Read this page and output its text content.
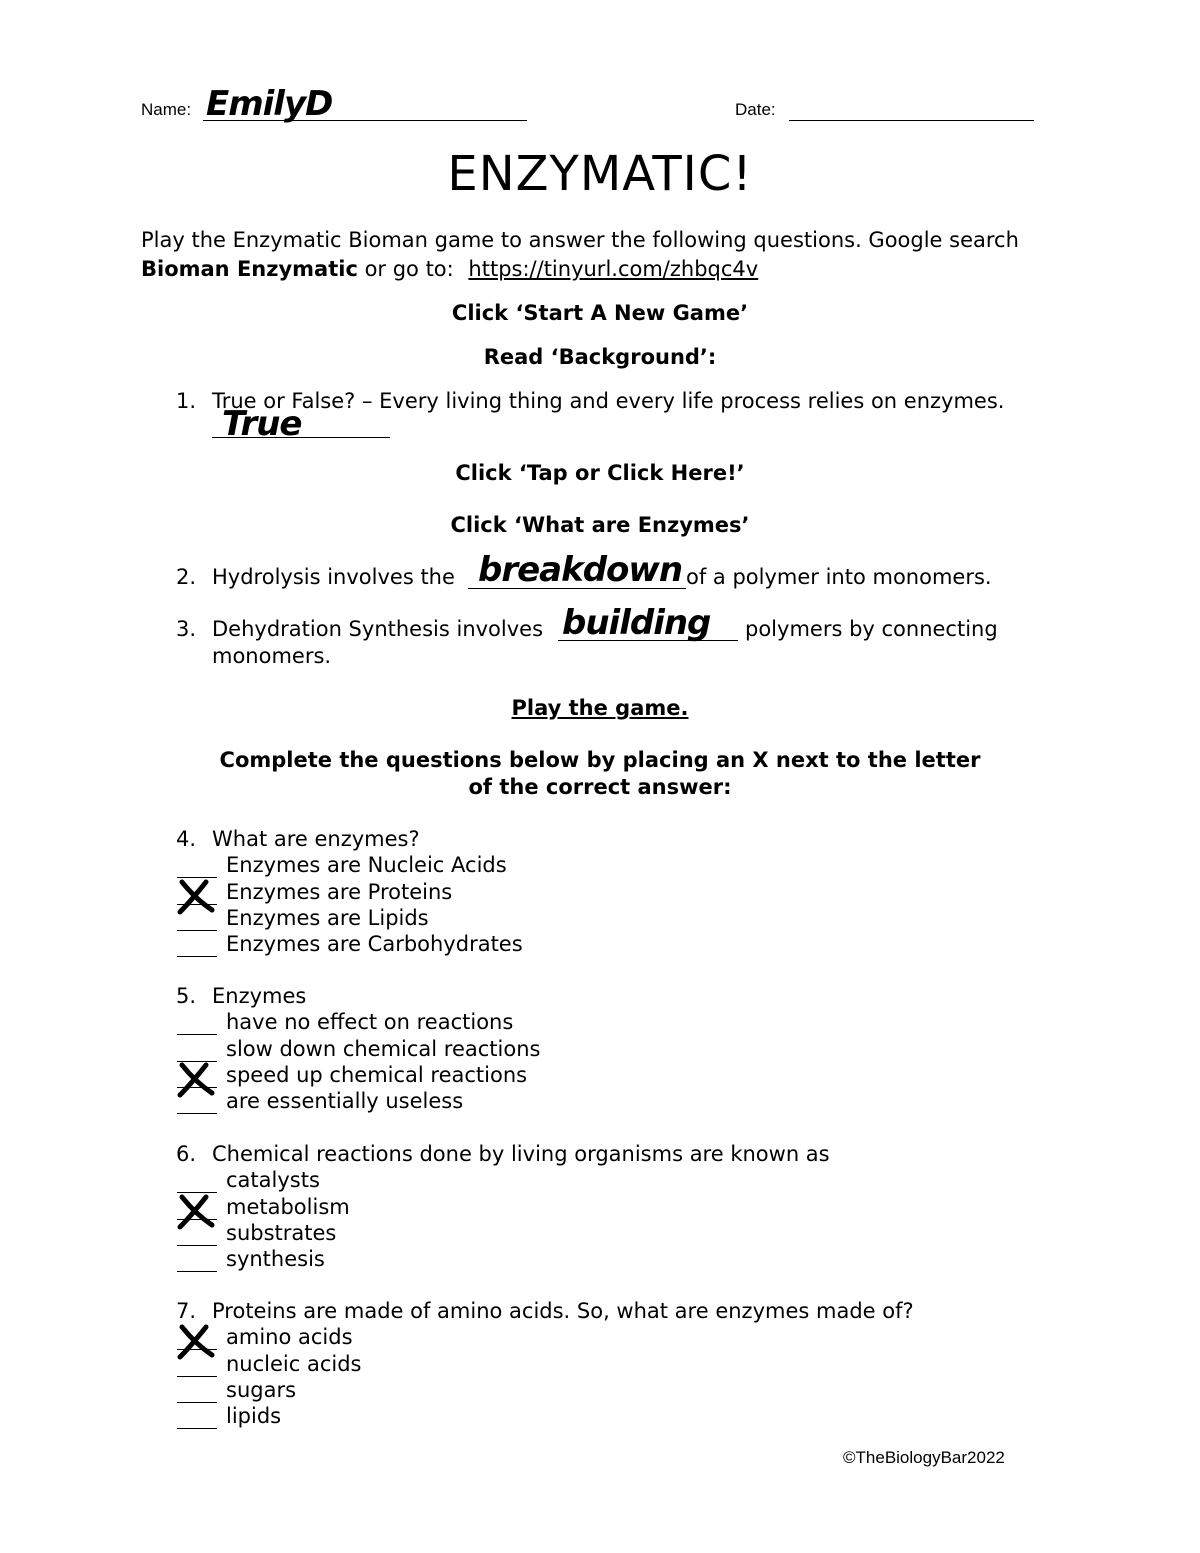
Name: EmilyD	Date:
ENZYMATIC!
Play the Enzymatic Bioman game to answer the following questions. Google search
Bioman Enzymatic or go to: https://tinyurl.com/zhbqc4v
Click ‘Start A New Game’
Read ‘Background’:
1. True or False? – Every living thing and every life process relies on enzymes.
True
Click ‘Tap or Click Here!’
Click ‘What are Enzymes’
2. Hydrolysis involves the breakdown of a polymer into monomers.
3. Dehydration Synthesis involves building polymers by connecting
monomers.
Play the game.
Complete the questions below by placing an X next to the letter
of the correct answer:
4. What are enzymes?
Enzymes are Nucleic Acids
Enzymes are Proteins
Enzymes are Lipids
Enzymes are Carbohydrates
5. Enzymes
have no effect on reactions
slow down chemical reactions
speed up chemical reactions
are essentially useless
6. Chemical reactions done by living organisms are known as
catalysts
metabolism
substrates
synthesis
7. Proteins are made of amino acids. So, what are enzymes made of?
amino acids
nucleic acids
sugars
lipids
©TheBiologyBar2022
